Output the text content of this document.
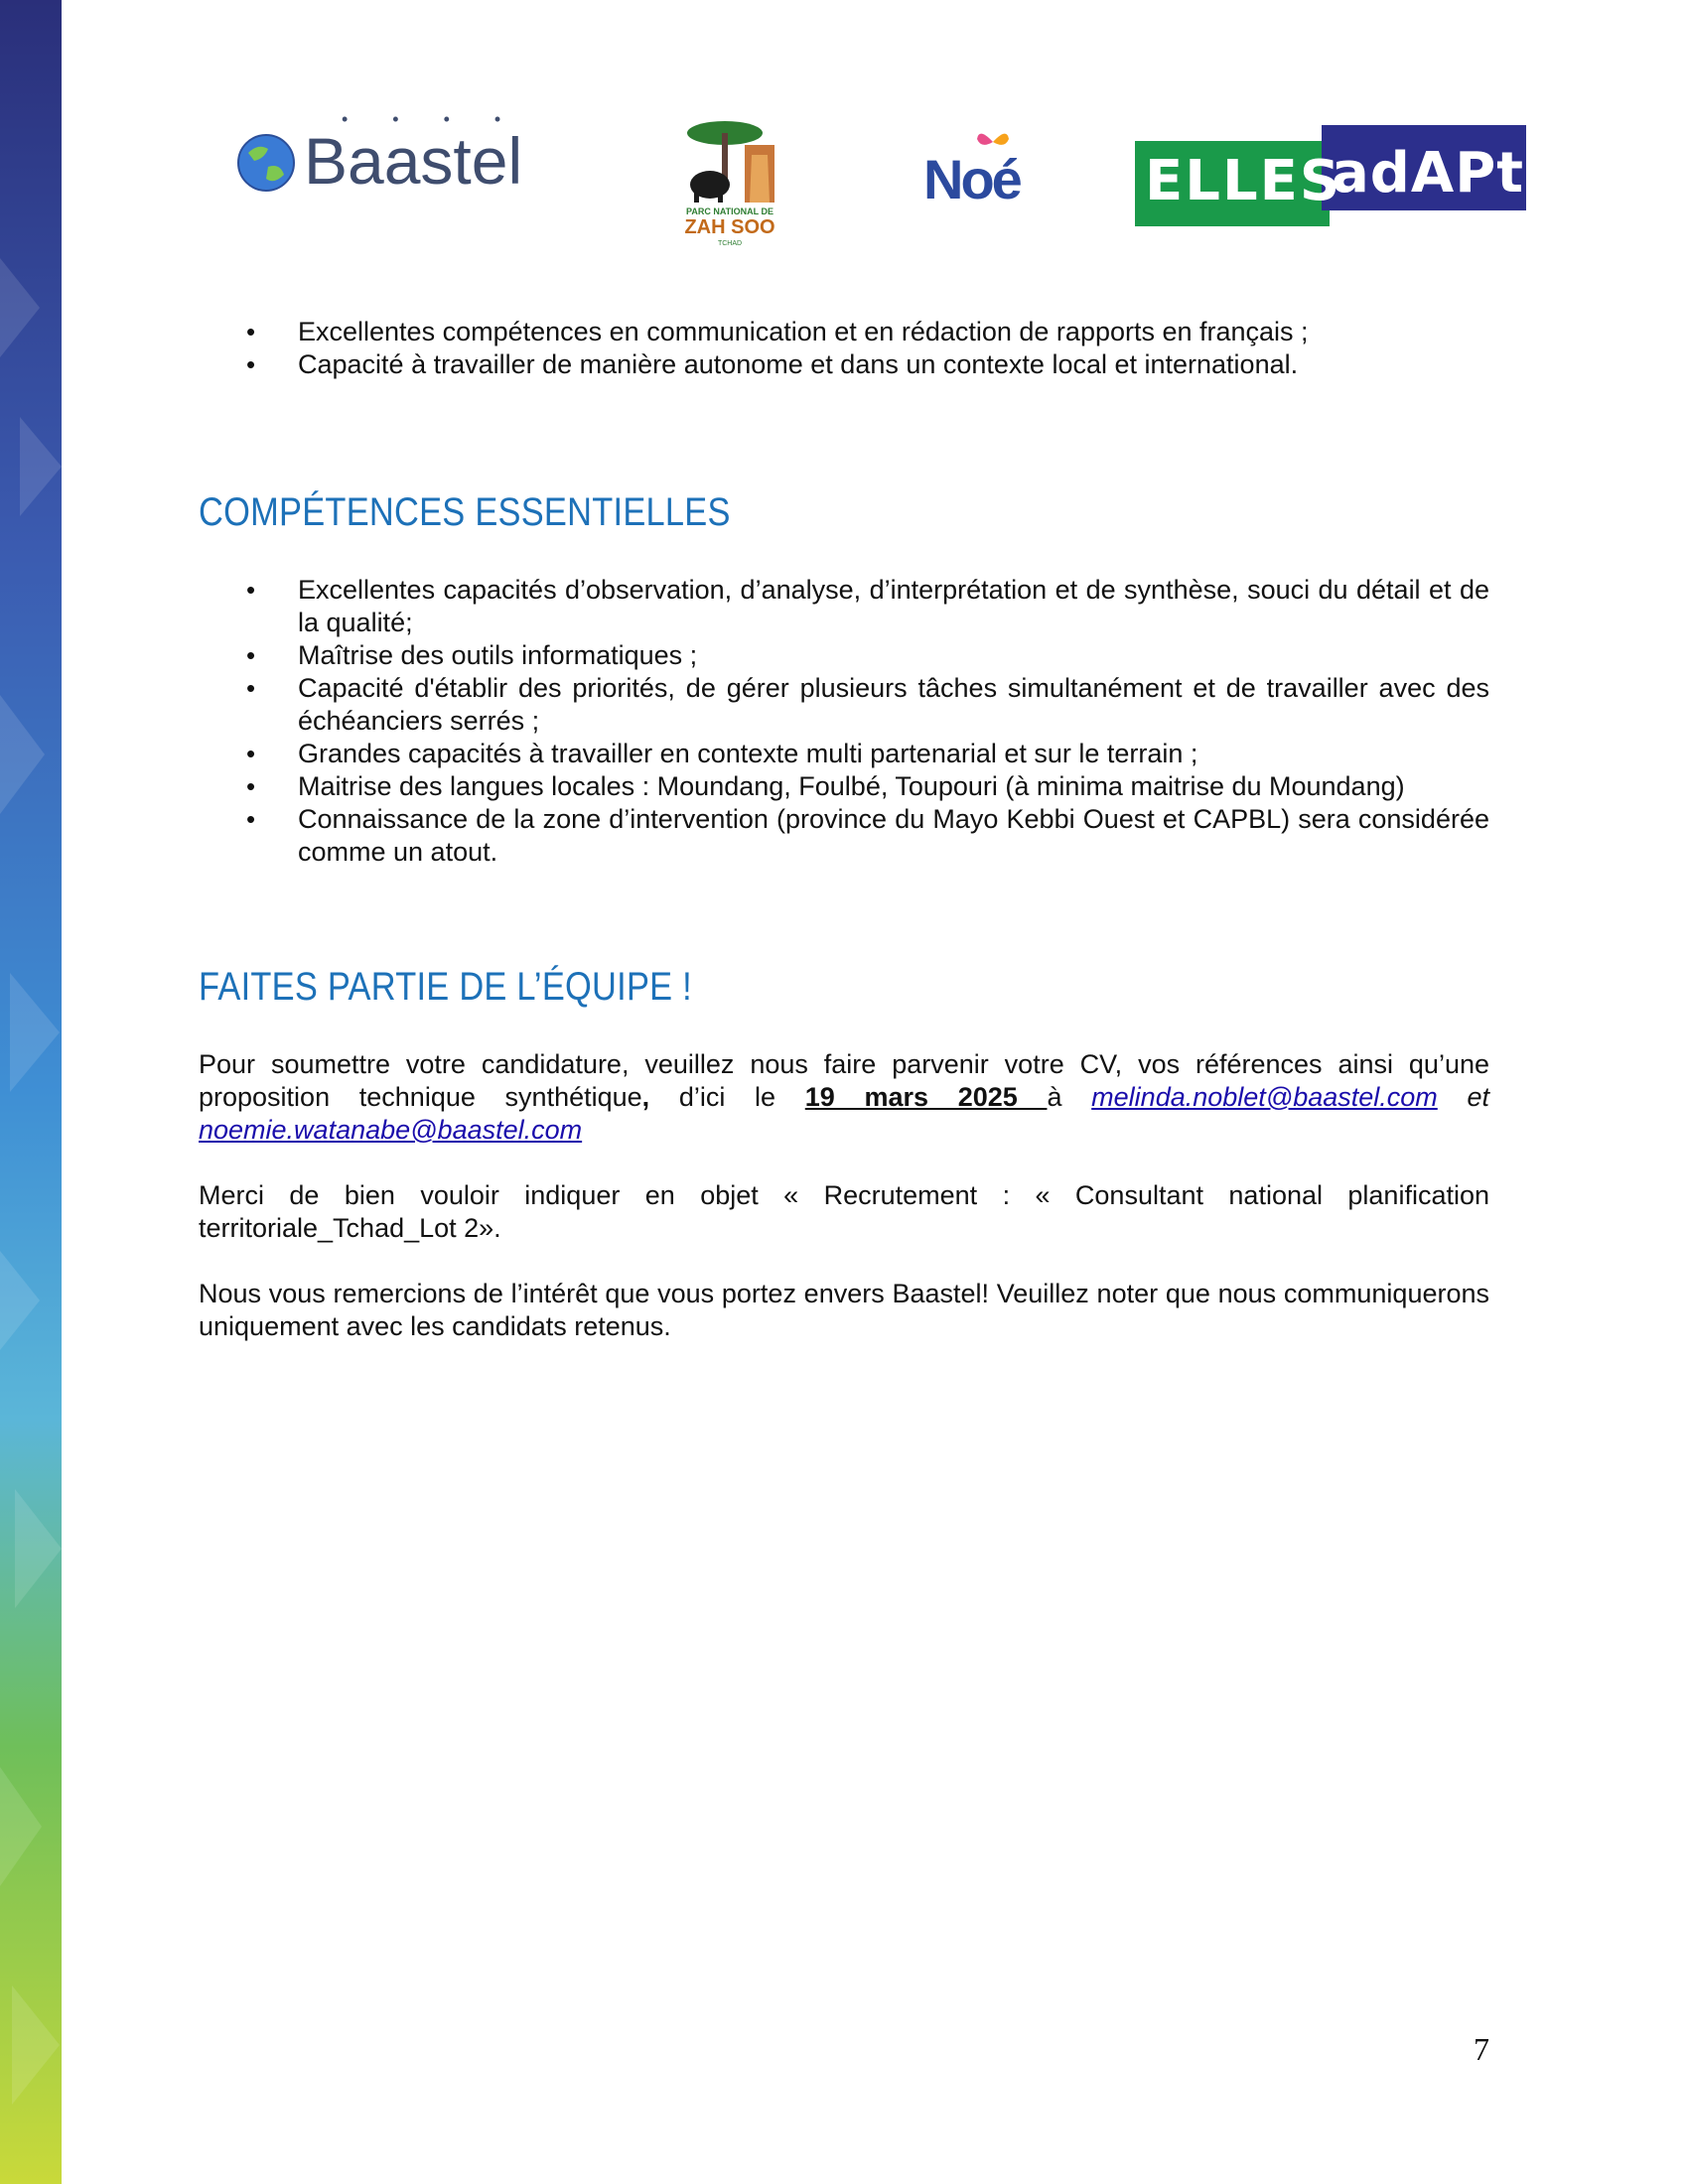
• • • •
Baastel
PARC NATIONAL DE
ZAH SOO
TCHAD
Noé ELLES
adAPt
• Excellentes compétences en communication et en rédaction de rapports en français ;
• Capacité à travailler de manière autonome et dans un contexte local et international.
COMPÉTENCES ESSENTIELLES
• Excellentes capacités d’observation, d’analyse, d’interprétation et de synthèse, souci du détail et de la qualité;
• Maîtrise des outils informatiques ;
• Capacité d'établir des priorités, de gérer plusieurs tâches simultanément et de travailler avec des échéanciers serrés ;
• Grandes capacités à travailler en contexte multi partenarial et sur le terrain ;
• Maitrise des langues locales : Moundang, Foulbé, Toupouri (à minima maitrise du Moundang)
• Connaissance de la zone d’intervention (province du Mayo Kebbi Ouest et CAPBL) sera considérée comme un atout.
FAITES PARTIE DE L’ÉQUIPE !

Pour soumettre votre candidature, veuillez nous faire parvenir votre CV, vos références ainsi qu’une proposition technique synthétique, d’ici le 19 mars 2025 à melinda.noblet@baastel.com et noemie.watanabe@baastel.com

Merci de bien vouloir indiquer en objet « Recrutement : « Consultant national planification territoriale_Tchad_Lot 2».

Nous vous remercions de l’intérêt que vous portez envers Baastel! Veuillez noter que nous communiquerons uniquement avec les candidats retenus.

7
